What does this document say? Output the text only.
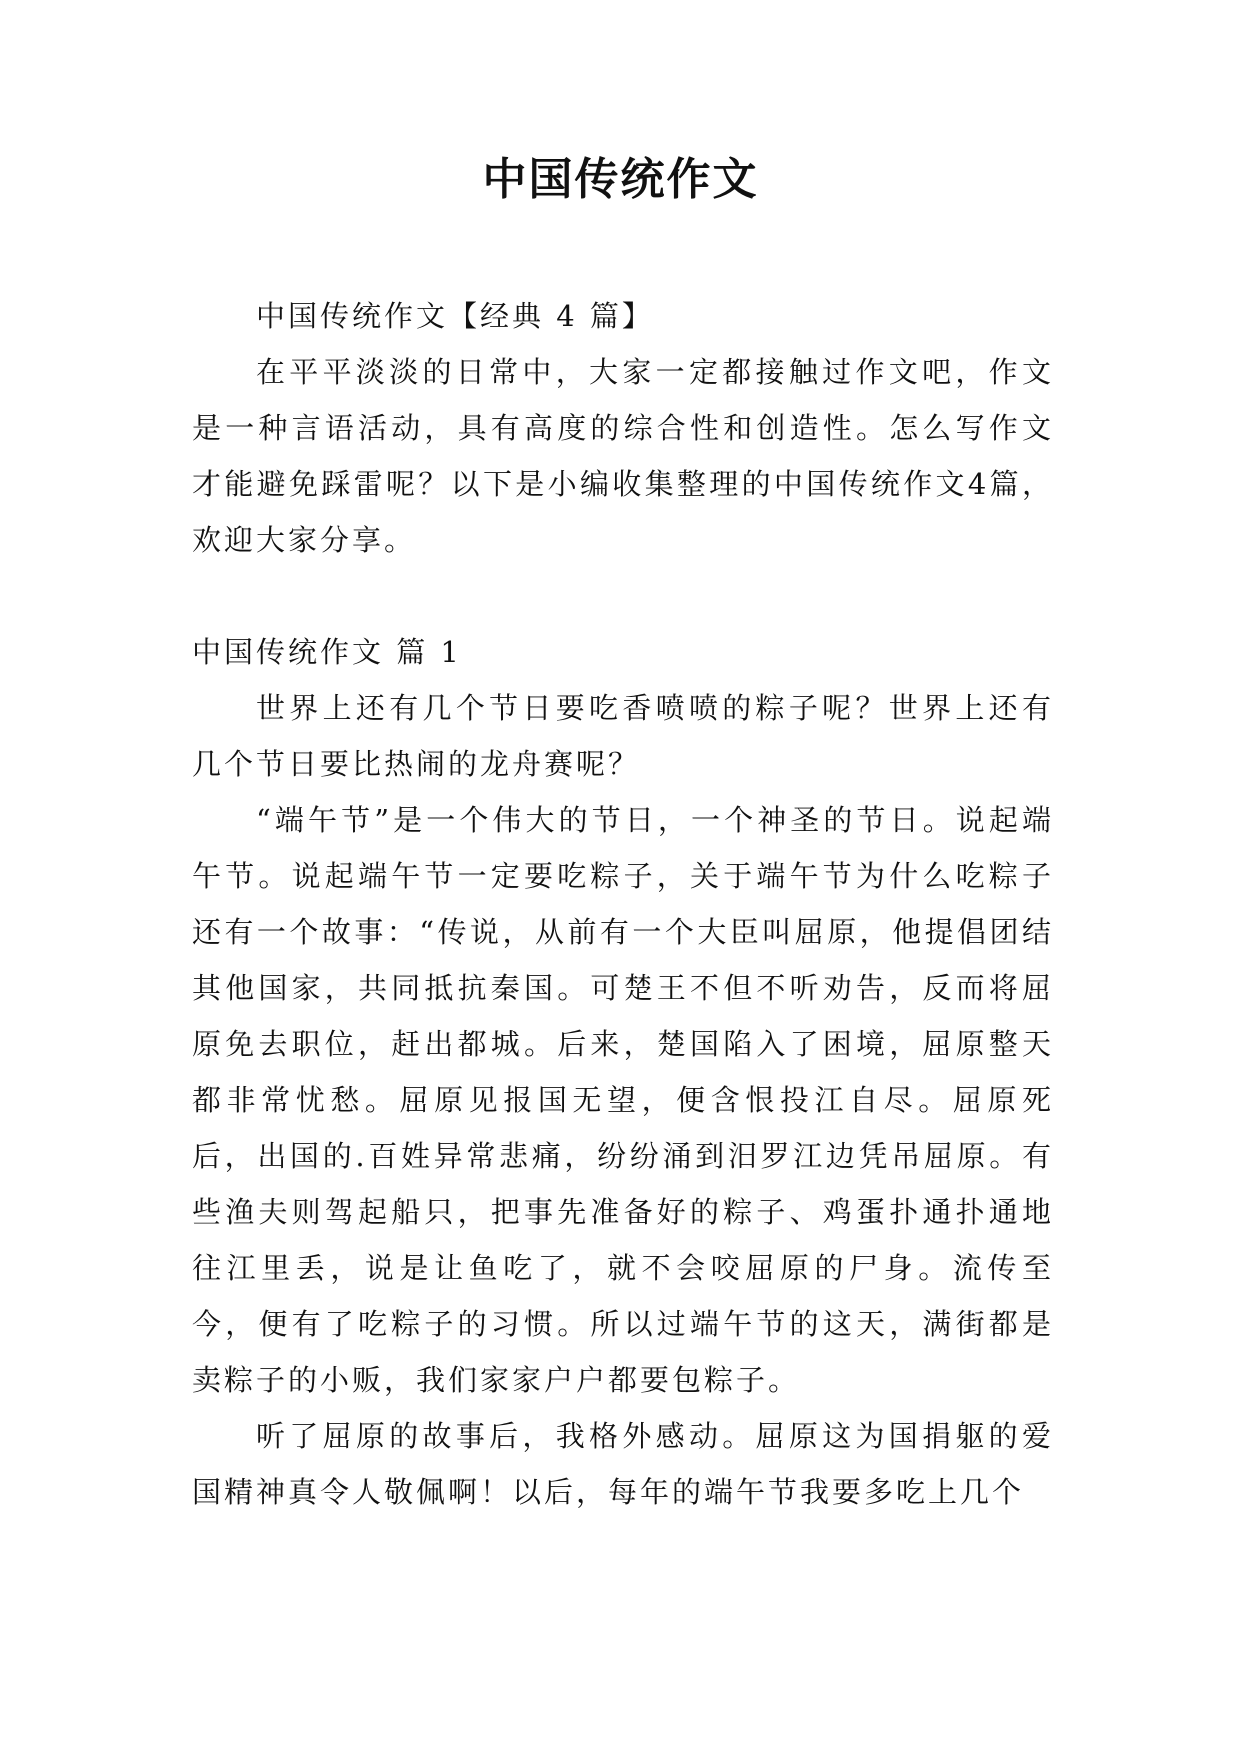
中国传统作文

中国传统作文【经典 4 篇】

在平平淡淡的日常中，大家一定都接触过作文吧，作文是一种言语活动，具有高度的综合性和创造性。怎么写作文才能避免踩雷呢？以下是小编收集整理的中国传统作文4篇，欢迎大家分享。

中国传统作文 篇 1

世界上还有几个节日要吃香喷喷的粽子呢？世界上还有几个节日要比热闹的龙舟赛呢？

“端午节”是一个伟大的节日，一个神圣的节日。说起端午节。说起端午节一定要吃粽子，关于端午节为什么吃粽子还有一个故事：“传说，从前有一个大臣叫屈原，他提倡团结其他国家，共同抵抗秦国。可楚王不但不听劝告，反而将屈原免去职位，赶出都城。后来，楚国陷入了困境，屈原整天都非常忧愁。屈原见报国无望，便含恨投江自尽。屈原死后，出国的.百姓异常悲痛，纷纷涌到汨罗江边凭吊屈原。有些渔夫则驾起船只，把事先准备好的粽子、鸡蛋扑通扑通地往江里丢，说是让鱼吃了，就不会咬屈原的尸身。流传至今，便有了吃粽子的习惯。所以过端午节的这天，满街都是卖粽子的小贩，我们家家户户都要包粽子。

听了屈原的故事后，我格外感动。屈原这为国捐躯的爱国精神真令人敬佩啊！以后，每年的端午节我要多吃上几个
